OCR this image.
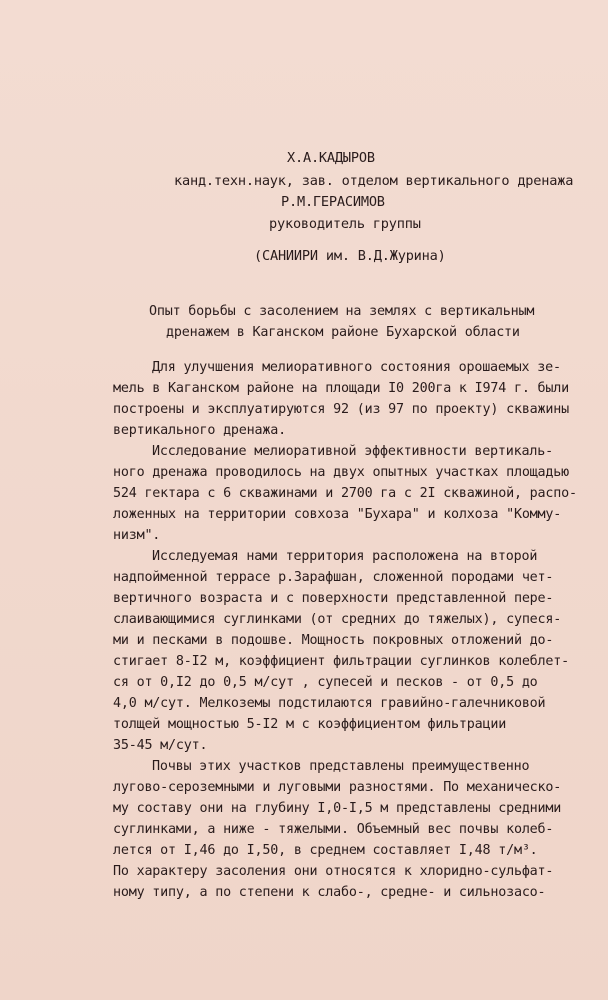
Х.А.КАДЫРОВ
канд.техн.наук, зав. отделом вертикального дренажа
Р.М.ГЕРАСИМОВ
руководитель группы
(САНИИРИ им. В.Д.Журина)
Опыт борьбы с засолением на землях с вертикальным
дренажем в Каганском районе Бухарской области
Для улучшения мелиоративного состояния орошаемых зе-
мель в Каганском районе на площади I0 200га к I974 г. были
построены и эксплуатируются 92 (из 97 по проекту) скважины
вертикального дренажа.
Исследование мелиоративной эффективности вертикаль-
ного дренажа проводилось на двух опытных участках площадью
524 гектара с 6 скважинами и 2700 га с 2I скважиной, распо-
ложенных на территории совхоза "Бухара" и колхоза "Комму-
низм".
Исследуемая нами территория расположена на второй
надпойменной террасе р.Зарафшан, сложенной породами чет-
вертичного возраста и с поверхности представленной пере-
слаивающимися суглинками (от средних до тяжелых), супеся-
ми и песками в подошве. Мощность покровных отложений до-
стигает 8-I2 м, коэффициент фильтрации суглинков колеблет-
ся от 0,I2 до 0,5 м/сут , супесей и песков - от 0,5 до
4,0 м/сут. Мелкоземы подстилаются гравийно-галечниковой
толщей мощностью 5-I2 м с коэффициентом фильтрации
35-45 м/сут.
Почвы этих участков представлены преимущественно
лугово-сероземными и луговыми разностями. По механическо-
му составу они на глубину I,0-I,5 м представлены средними
суглинками, а ниже - тяжелыми. Объемный вес почвы колеб-
лется от I,46 до I,50, в среднем составляет I,48 т/м³.
По характеру засоления они относятся к хлоридно-сульфат-
ному типу, а по степени к слабо-, средне- и сильнозасо-
